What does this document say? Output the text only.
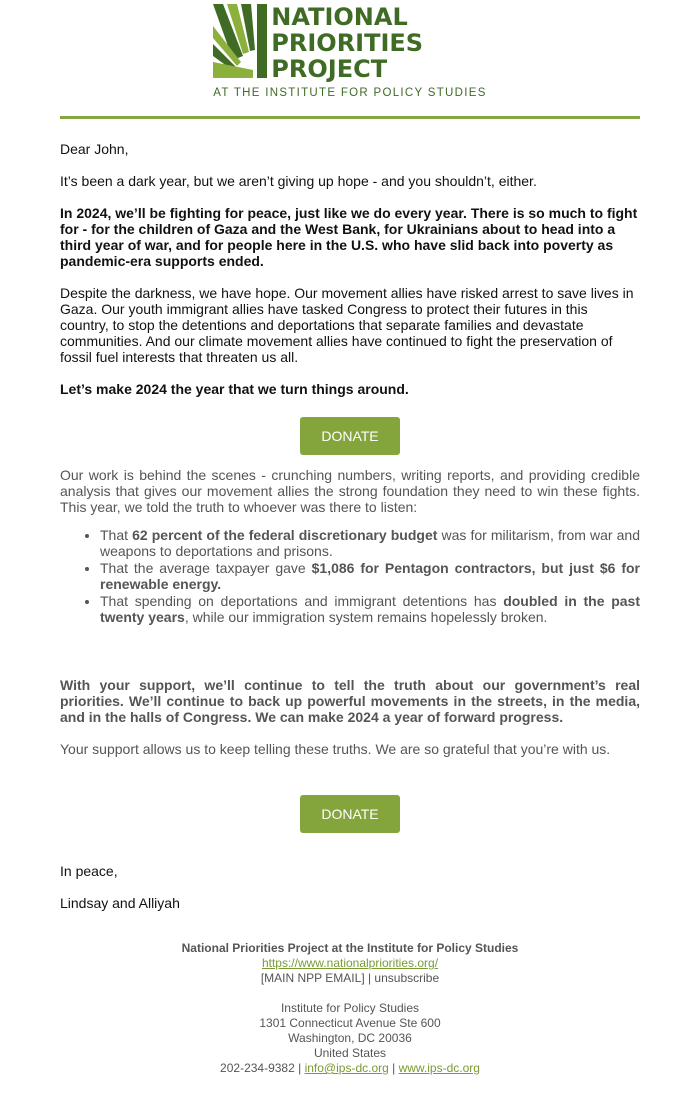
NATIONAL
PRIORITIES
PROJECT
AT THE INSTITUTE FOR POLICY STUDIES

Dear John,

It’s been a dark year, but we aren’t giving up hope - and you shouldn’t, either.

In 2024, we’ll be fighting for peace, just like we do every year. There is so much to fight for - for the children of Gaza and the West Bank, for Ukrainians about to head into a third year of war, and for people here in the U.S. who have slid back into poverty as pandemic-era supports ended.

Despite the darkness, we have hope. Our movement allies have risked arrest to save lives in Gaza. Our youth immigrant allies have tasked Congress to protect their futures in this country, to stop the detentions and deportations that separate families and devastate communities. And our climate movement allies have continued to fight the preservation of fossil fuel interests that threaten us all.

Let’s make 2024 the year that we turn things around.

DONATE

Our work is behind the scenes - crunching numbers, writing reports, and providing credible analysis that gives our movement allies the strong foundation they need to win these fights. This year, we told the truth to whoever was there to listen:

• That 62 percent of the federal discretionary budget was for militarism, from war and weapons to deportations and prisons.
• That the average taxpayer gave $1,086 for Pentagon contractors, but just $6 for renewable energy.
• That spending on deportations and immigrant detentions has doubled in the past twenty years, while our immigration system remains hopelessly broken.

With your support, we’ll continue to tell the truth about our government’s real priorities. We’ll continue to back up powerful movements in the streets, in the media, and in the halls of Congress. We can make 2024 a year of forward progress.

Your support allows us to keep telling these truths. We are so grateful that you’re with us.

DONATE

In peace,

Lindsay and Alliyah

National Priorities Project at the Institute for Policy Studies
https://www.nationalpriorities.org/
[MAIN NPP EMAIL] | unsubscribe
Institute for Policy Studies
1301 Connecticut Avenue Ste 600
Washington, DC 20036
United States
202-234-9382 | info@ips-dc.org | www.ips-dc.org
